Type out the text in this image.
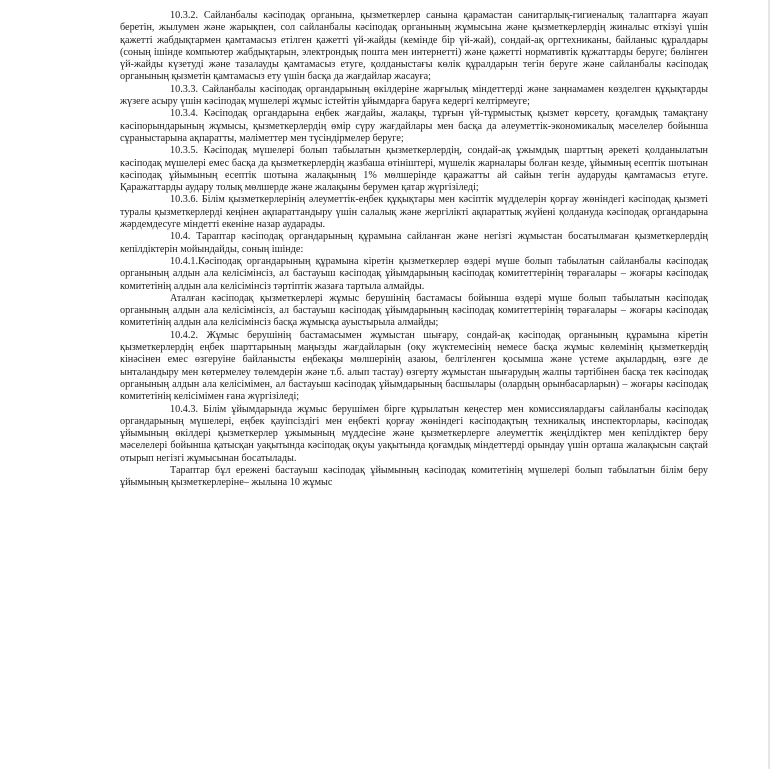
10.3.2. Сайланбалы кәсіподақ органына, қызметкерлер санына қарамастан санитарлық-гигиеналық талаптарға жауап беретін, жылумен және жарықпен, сол сайланбалы кәсіподақ органының жұмысына және қызметкерлердің жиналыс өткізуі үшін қажетті жабдықтармен қамтамасыз етілген қажетті үй-жайды (кемінде бір үй-жай), сондай-ақ оргтехниканы, байланыс құралдары (соның ішінде компьютер жабдықтарын, электрондық пошта мен интернетті) және қажетті нормативтік құжаттарды беруге; бөлінген үй-жайды күзетуді және тазалауды қамтамасыз етуге, қолданыстағы көлік құралдарын тегін беруге және сайланбалы кәсіподақ органының қызметін қамтамасыз ету үшін басқа да жағдайлар жасауға;

10.3.3. Сайланбалы кәсіподақ органдарының өкілдеріне жарғылық міндеттерді және заңнамамен көзделген құқықтарды жүзеге асыру үшін кәсіподақ мүшелері жұмыс істейтін ұйымдарға баруға кедергі келтірмеуге;

10.3.4. Кәсіподақ органдарына еңбек жағдайы, жалақы, тұрғын үй-тұрмыстық қызмет көрсету, қоғамдық тамақтану кәсіпорындарының жұмысы, қызметкерлердің өмір сүру жағдайлары мен басқа да әлеуметтік-экономикалық мәселелер бойынша сұраныстарына ақпаратты, мәліметтер мен түсіндірмелер беруге;

10.3.5. Кәсіподақ мүшелері болып табылатын қызметкерлердің, сондай-ақ ұжымдық шарттың әрекеті қолданылатын кәсіподақ мүшелері емес басқа да қызметкерлердің жазбаша өтініштері, мүшелік жарналары болған кезде, ұйымның есептік шотынан кәсіподақ ұйымының есептік шотына жалақының 1% мөлшерінде қаражатты ай сайын тегін аударуды қамтамасыз етуге. Қаражаттарды аудару толық мөлшерде және жалақыны берумен қатар жүргізіледі;

10.3.6. Білім қызметкерлерінің әлеуметтік-еңбек құқықтары мен кәсіптік мүдделерін қорғау жөніндегі кәсіподақ қызметі туралы қызметкерлерді кеңінен ақпараттандыру үшін салалық және жергілікті ақпараттық жүйені қолдануда кәсіподақ органдарына жәрдемдесуге міндетті екеніне назар аударады.

10.4. Тараптар кәсіподақ органдарының құрамына сайланған және негізгі жұмыстан босатылмаған қызметкерлердің кепілдіктерін мойындайды, соның ішінде:

10.4.1.Кәсіподақ органдарының құрамына кіретін қызметкерлер өздері мүше болып табылатын сайланбалы кәсіподақ органының алдын ала келісімінсіз, ал бастауыш кәсіподақ ұйымдарының кәсіподақ комитеттерінің төрағалары – жоғары кәсіподақ комитетінің алдын ала келісімінсіз тәртіптік жазаға тартыла алмайды.

Аталған кәсіподақ қызметкерлері жұмыс берушінің бастамасы бойынша өздері мүше болып табылатын кәсіподақ органының алдын ала келісімінсіз, ал бастауыш кәсіподақ ұйымдарының кәсіподақ комитеттерінің төрағалары – жоғары кәсіподақ комитетінің алдын ала келісімінсіз басқа жұмысқа ауыстырыла алмайды;

10.4.2. Жұмыс берушінің бастамасымен жұмыстан шығару, сондай-ақ кәсіподақ органының құрамына кіретін қызметкерлердің еңбек шарттарының маңызды жағдайларын (оқу жүктемесінің немесе басқа жұмыс көлемінің қызметкердің кінәсінен емес өзгеруіне байланысты еңбекақы мөлшерінің азаюы, белгіленген қосымша және үстеме ақылардың, өзге де ынталандыру мен көтермелеу төлемдерін және т.б. алып тастау) өзгерту жұмыстан шығарудың жалпы тәртібінен басқа тек кәсіподақ органының алдын ала келісімімен, ал бастауыш кәсіподақ ұйымдарының басшылары (олардың орынбасарларын) – жоғары кәсіподақ комитетінің келісімімен ғана жүргізіледі;

10.4.3. Білім ұйымдарында жұмыс берушімен бірге құрылатын кеңестер мен комиссиялардағы сайланбалы кәсіподақ органдарының мүшелері, еңбек қауіпсіздігі мен еңбекті қорғау жөніндегі кәсіподақтың техникалық инспекторлары, кәсіподақ ұйымының өкілдері қызметкерлер ұжымының мүддесіне және қызметкерлерге әлеуметтік жеңілдіктер мен кепілдіктер беру мәселелері бойынша қатысқан уақытында кәсіподақ оқуы уақытында қоғамдық міндеттерді орындау үшін орташа жалақысын сақтай отырып негізгі жұмысынан босатылады.

Тараптар бұл ережені бастауыш кәсіподақ ұйымының кәсіподақ комитетінің мүшелері болып табылатын білім беру ұйымының қызметкерлеріне– жылына 10 жұмыс
